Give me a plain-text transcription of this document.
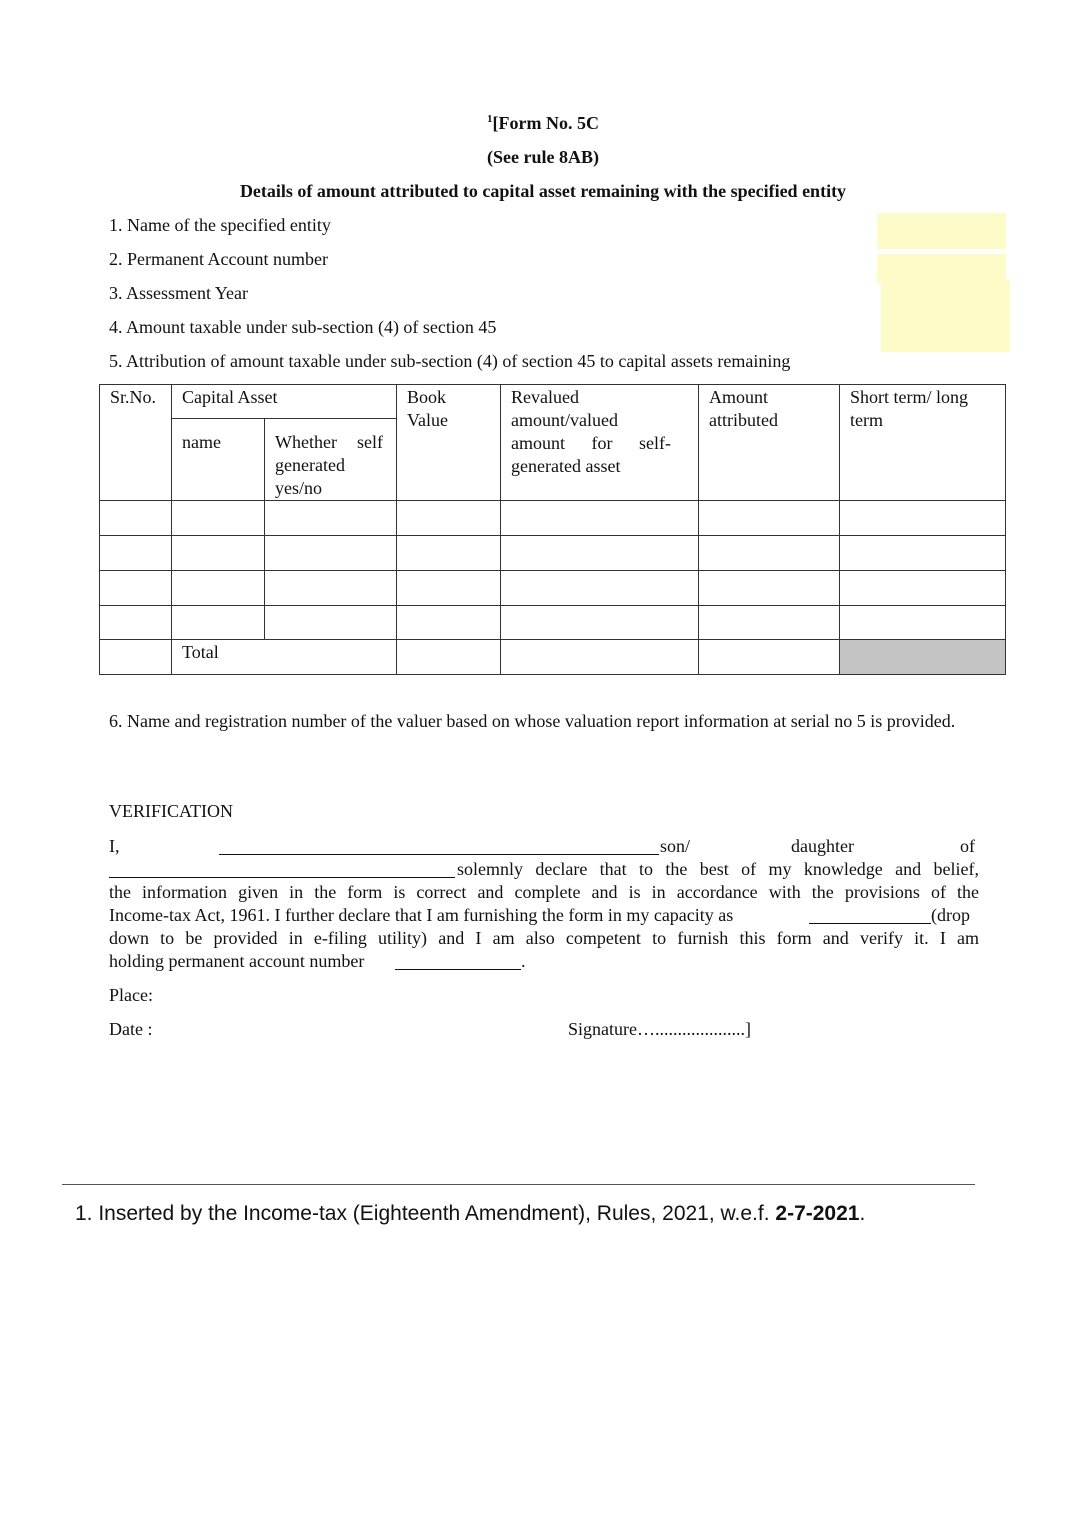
$^1$[Form No. 5C
(See rule 8AB)
Details of amount attributed to capital asset remaining with the specified entity
1. Name of the specified entity
2. Permanent Account number
3. Assessment Year
4. Amount taxable under sub-section (4) of section 45
5. Attribution of amount taxable under sub-section (4) of section 45 to capital assets remaining
Sr.No.	Capital Asset		Book Value	Revalued amount/valued amount for self-generated asset	Amount attributed	Short term/ long term
	name	Whether self generated yes/no				

	Total					
6. Name and registration number of the valuer based on whose valuation report information at serial no 5 is provided.
VERIFICATION
I,	son/	daughter	of
solemnly declare that to the best of my knowledge and belief,
the information given in the form is correct and complete and is in accordance with the provisions of the
Income-tax Act, 1961. I further declare that I am furnishing the form in my capacity as	(drop
down to be provided in e-filing utility) and I am also competent to furnish this form and verify it. I am
holding permanent account number	.
Place:
Date :	Signature…....................]
1. Inserted by the Income-tax (Eighteenth Amendment), Rules, 2021, w.e.f. 2-7-2021.
